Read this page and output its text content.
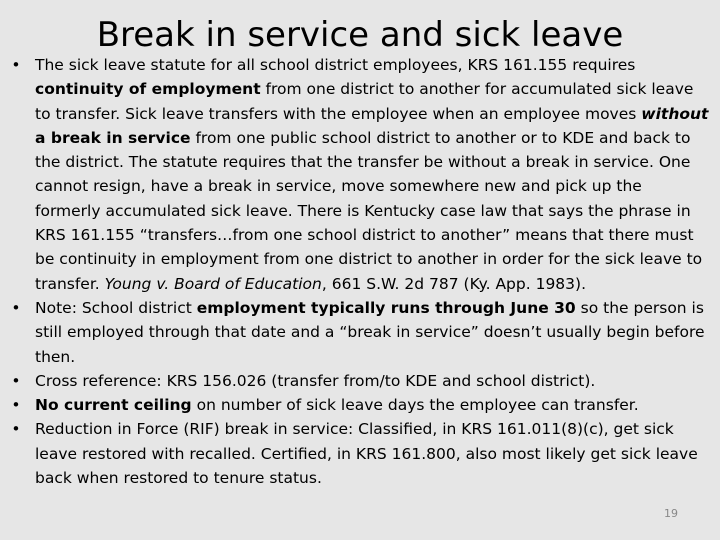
Break in service and sick leave
• The sick leave statute for all school district employees, KRS 161.155 requires continuity of employment from one district to another for accumulated sick leave to transfer. Sick leave transfers with the employee when an employee moves without a break in service from one public school district to another or to KDE and back to the district. The statute requires that the transfer be without a break in service. One cannot resign, have a break in service, move somewhere new and pick up the formerly accumulated sick leave. There is Kentucky case law that says the phrase in KRS 161.155 “transfers…from one school district to another” means that there must be continuity in employment from one district to another in order for the sick leave to transfer. Young v. Board of Education, 661 S.W. 2d 787 (Ky. App. 1983).
• Note: School district employment typically runs through June 30 so the person is still employed through that date and a “break in service” doesn’t usually begin before then.
• Cross reference: KRS 156.026 (transfer from/to KDE and school district).
• No current ceiling on number of sick leave days the employee can transfer.
• Reduction in Force (RIF) break in service: Classified, in KRS 161.011(8)(c), get sick leave restored with recalled. Certified, in KRS 161.800, also most likely get sick leave back when restored to tenure status.
19
